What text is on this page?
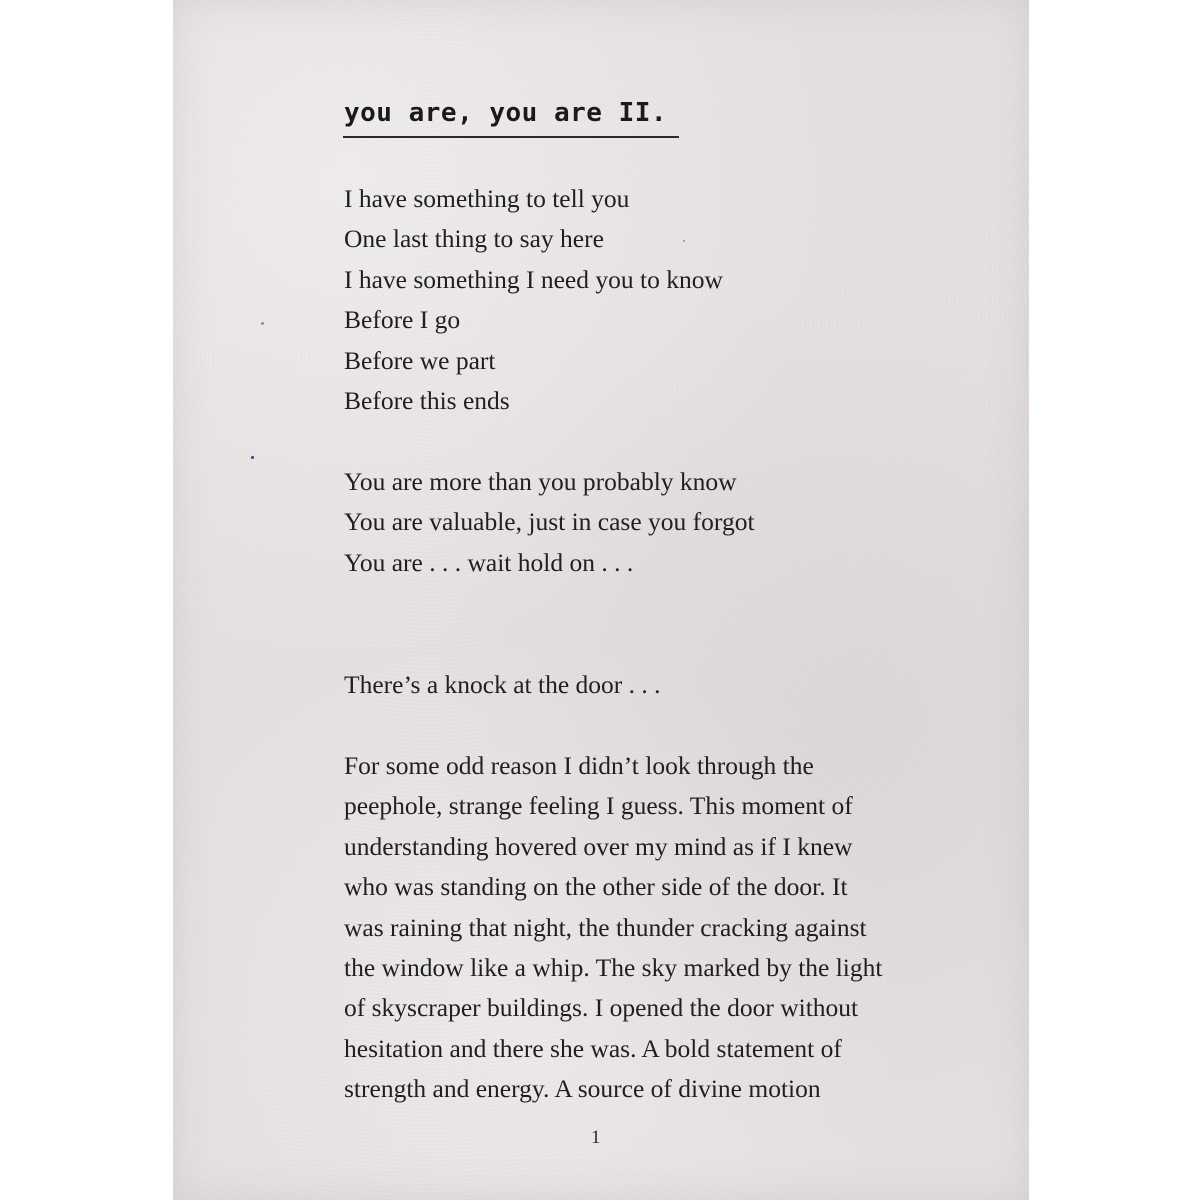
you are, you are II.
I have something to tell you
One last thing to say here
I have something I need you to know
Before I go
Before we part
Before this ends
You are more than you probably know
You are valuable, just in case you forgot
You are . . . wait hold on . . .

There’s a knock at the door . . .

For some odd reason I didn’t look through the
peephole, strange feeling I guess. This moment of
understanding hovered over my mind as if I knew
who was standing on the other side of the door. It
was raining that night, the thunder cracking against
the window like a whip. The sky marked by the light
of skyscraper buildings. I opened the door without
hesitation and there she was. A bold statement of
strength and energy. A source of divine motion

1
